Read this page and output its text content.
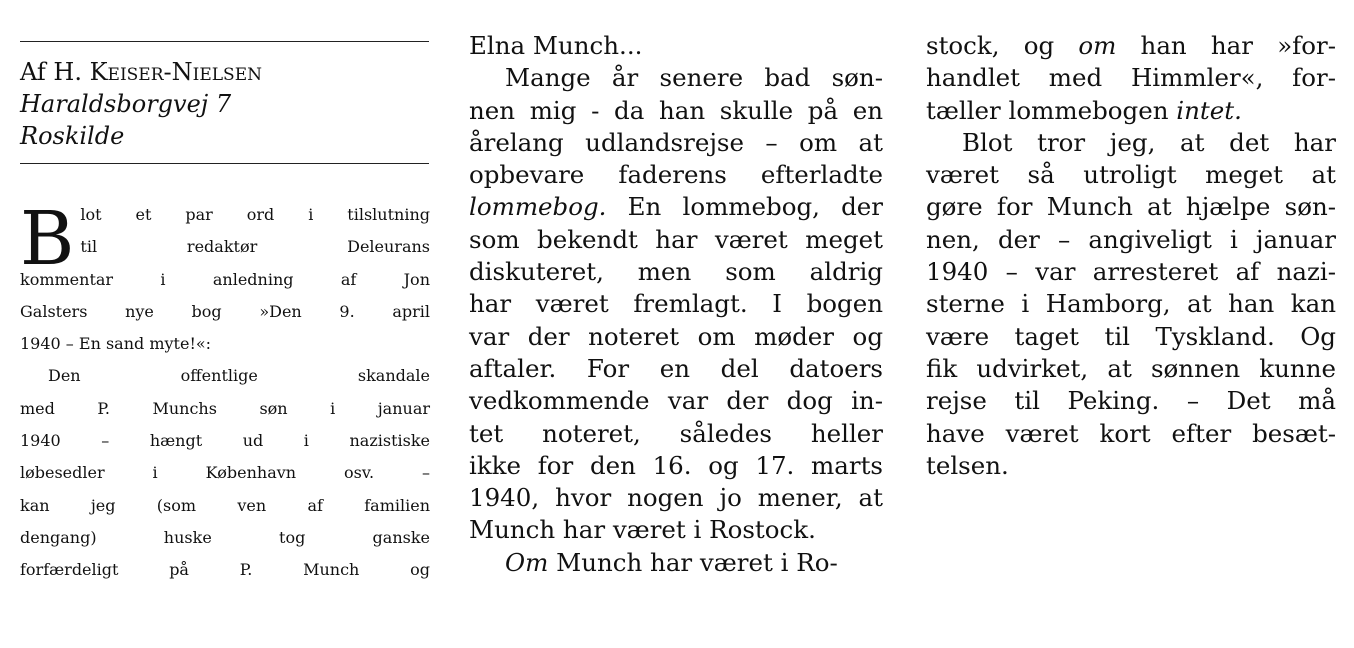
Af H. Keiser-Nielsen
Haraldsborgvej 7
Roskilde
B lot et par ord i tilslutning
til redaktør Deleurans
kommentar i anledning af Jon
Galsters nye bog »Den 9. april
1940 – En sand myte!«:
Den offentlige skandale
med P. Munchs søn i januar
1940 – hængt ud i nazistiske
løbesedler i København osv. –
kan jeg (som ven af familien
dengang) huske tog ganske
forfærdeligt på P. Munch og
Elna Munch...
Mange år senere bad søn-
nen mig - da han skulle på en
årelang udlandsrejse – om at
opbevare faderens efterladte
lommebog. En lommebog, der
som bekendt har været meget
diskuteret, men som aldrig
har været fremlagt. I bogen
var der noteret om møder og
aftaler. For en del datoers
vedkommende var der dog in-
tet noteret, således heller
ikke for den 16. og 17. marts
1940, hvor nogen jo mener, at
Munch har været i Rostock.
Om Munch har været i Ro-
stock, og om han har »for-
handlet med Himmler«, for-
tæller lommebogen intet.
Blot tror jeg, at det har
været så utroligt meget at
gøre for Munch at hjælpe søn-
nen, der – angiveligt i januar
1940 – var arresteret af nazi-
sterne i Hamborg, at han kan
være taget til Tyskland. Og
fik udvirket, at sønnen kunne
rejse til Peking. – Det må
have været kort efter besæt-
telsen.
